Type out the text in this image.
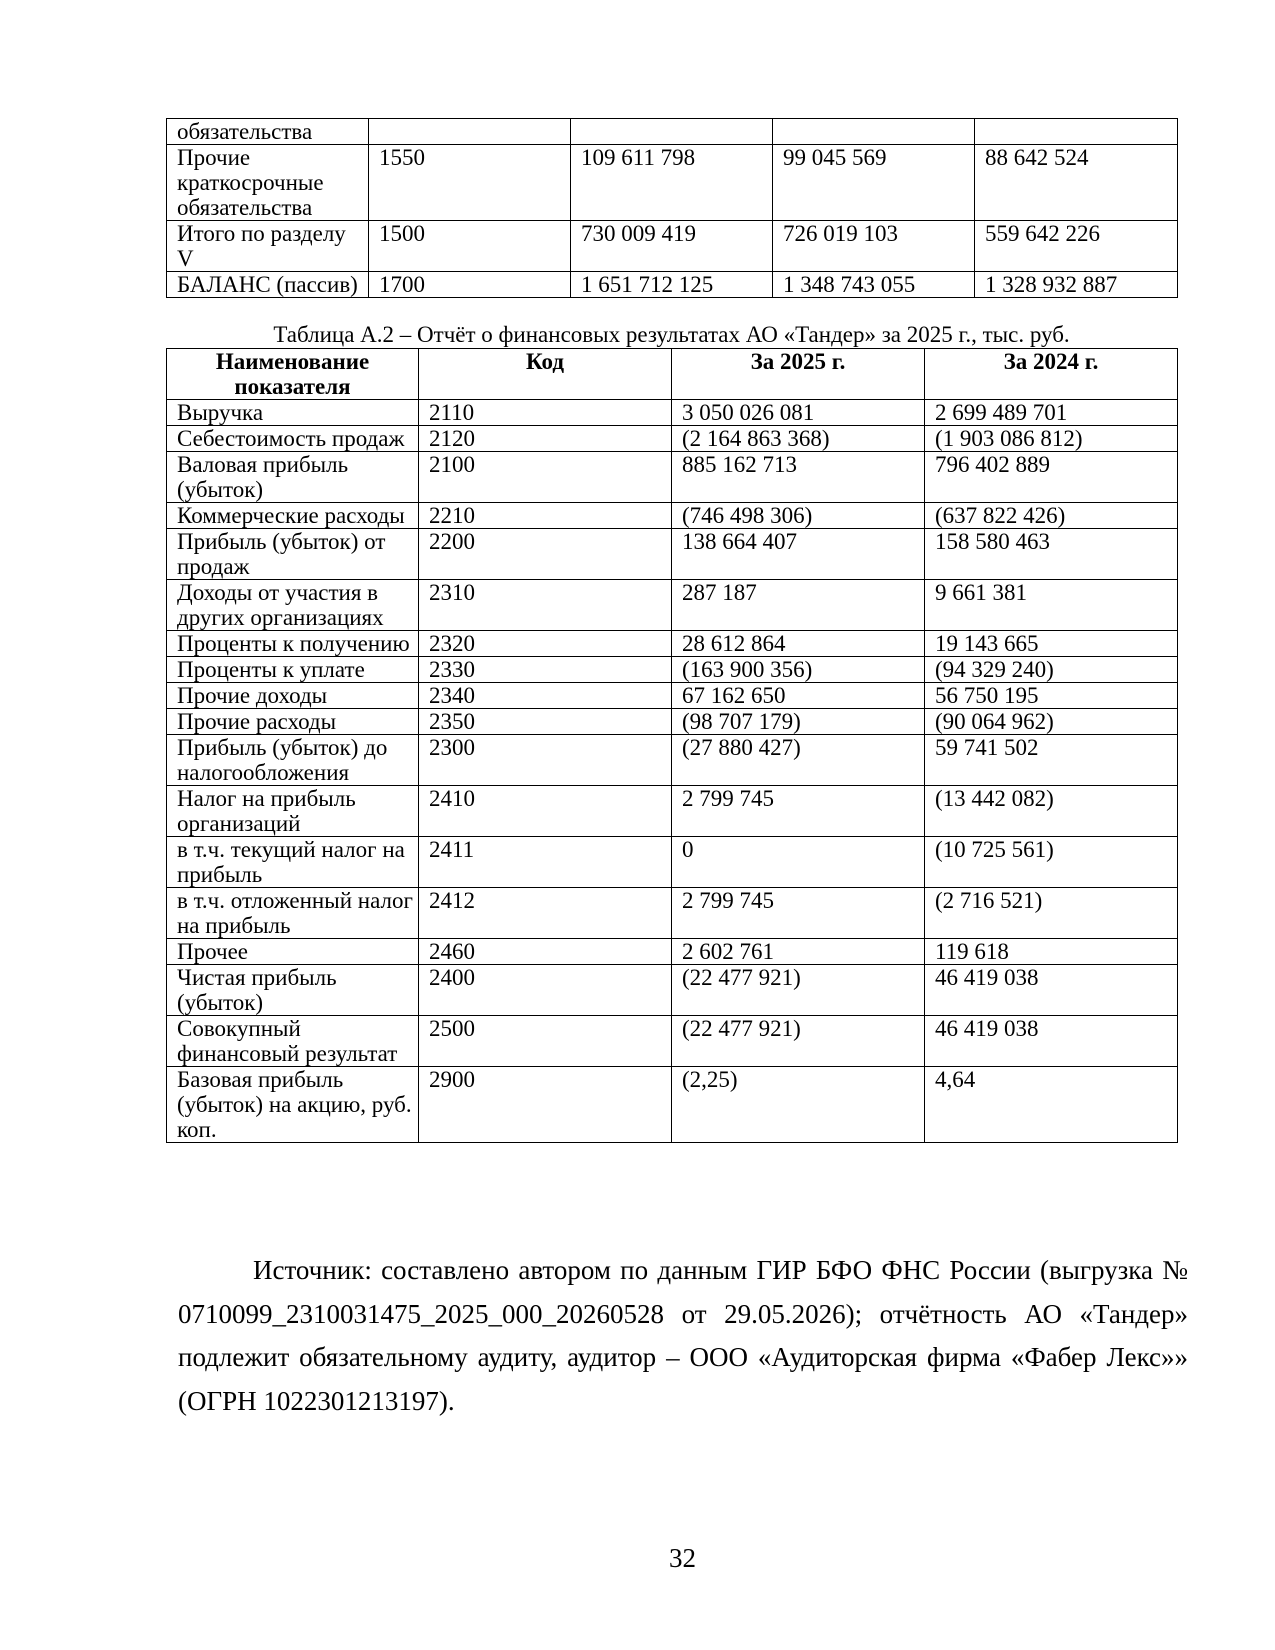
обязательства				
Прочие краткосрочные обязательства	1550	109 611 798	99 045 569	88 642 524
Итого по разделу V	1500	730 009 419	726 019 103	559 642 226
БАЛАНС (пассив)	1700	1 651 712 125	1 348 743 055	1 328 932 887
Таблица А.2 – Отчёт о финансовых результатах АО «Тандер» за 2025 г., тыс. руб.
Наименование показателя	Код	За 2025 г.	За 2024 г.
Выручка	2110	3 050 026 081	2 699 489 701
Себестоимость продаж	2120	(2 164 863 368)	(1 903 086 812)
Валовая прибыль (убыток)	2100	885 162 713	796 402 889
Коммерческие расходы	2210	(746 498 306)	(637 822 426)
Прибыль (убыток) от продаж	2200	138 664 407	158 580 463
Доходы от участия в других организациях	2310	287 187	9 661 381
Проценты к получению	2320	28 612 864	19 143 665
Проценты к уплате	2330	(163 900 356)	(94 329 240)
Прочие доходы	2340	67 162 650	56 750 195
Прочие расходы	2350	(98 707 179)	(90 064 962)
Прибыль (убыток) до налогообложения	2300	(27 880 427)	59 741 502
Налог на прибыль организаций	2410	2 799 745	(13 442 082)
в т.ч. текущий налог на прибыль	2411	0	(10 725 561)
в т.ч. отложенный налог на прибыль	2412	2 799 745	(2 716 521)
Прочее	2460	2 602 761	119 618
Чистая прибыль (убыток)	2400	(22 477 921)	46 419 038
Совокупный финансовый результат	2500	(22 477 921)	46 419 038
Базовая прибыль (убыток) на акцию, руб. коп.	2900	(2,25)	4,64
Источник: составлено автором по данным ГИР БФО ФНС России (выгрузка № 0710099_2310031475_2025_000_20260528 от 29.05.2026); отчётность АО «Тандер» подлежит обязательному аудиту, аудитор – ООО «Аудиторская фирма «Фабер Лекс»» (ОГРН 1022301213197).
32
